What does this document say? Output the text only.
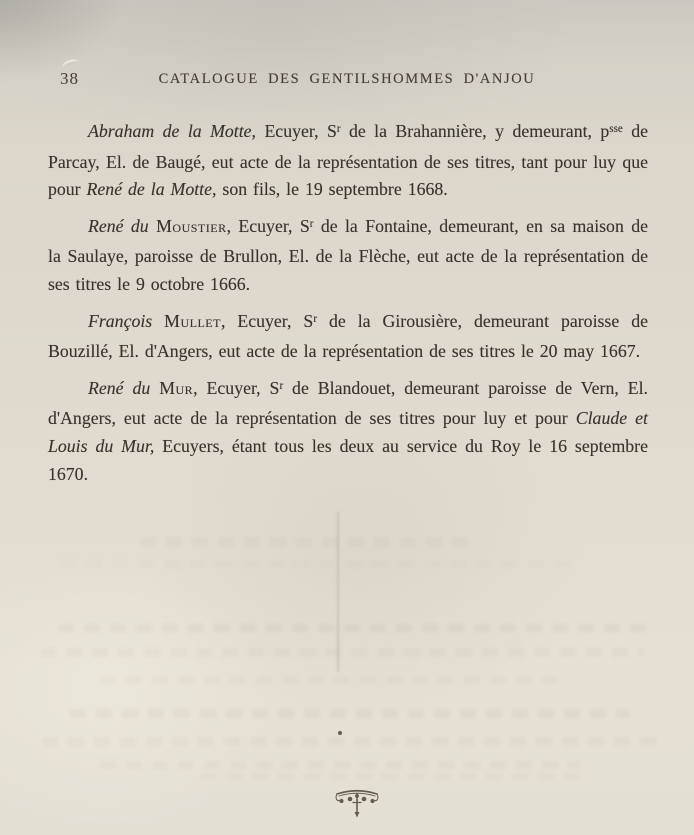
38	CATALOGUE DES GENTILSHOMMES D'ANJOU

Abraham de la Motte, Ecuyer, $S^r$ de la Brahannière, y demeurant, $p^{sse}$ de Parcay, El. de Baugé, eut acte de la représentation de ses titres, tant pour luy que pour René de la Motte, son fils, le 19 septembre 1668.

René du Moustier, Ecuyer, $S^r$ de la Fontaine, demeurant, en sa maison de la Saulaye, paroisse de Brullon, El. de la Flèche, eut acte de la représentation de ses titres le 9 octobre 1666.

François Mullet, Ecuyer, $S^r$ de la Girousière, demeurant paroisse de Bouzillé, El. d'Angers, eut acte de la représentation de ses titres le 20 may 1667.

René du Mur, Ecuyer, $S^r$ de Blandouet, demeurant paroisse de Vern, El. d'Angers, eut acte de la représentation de ses titres pour luy et pour Claude et Louis du Mur, Ecuyers, étant tous les deux au service du Roy le 16 septembre 1670.
